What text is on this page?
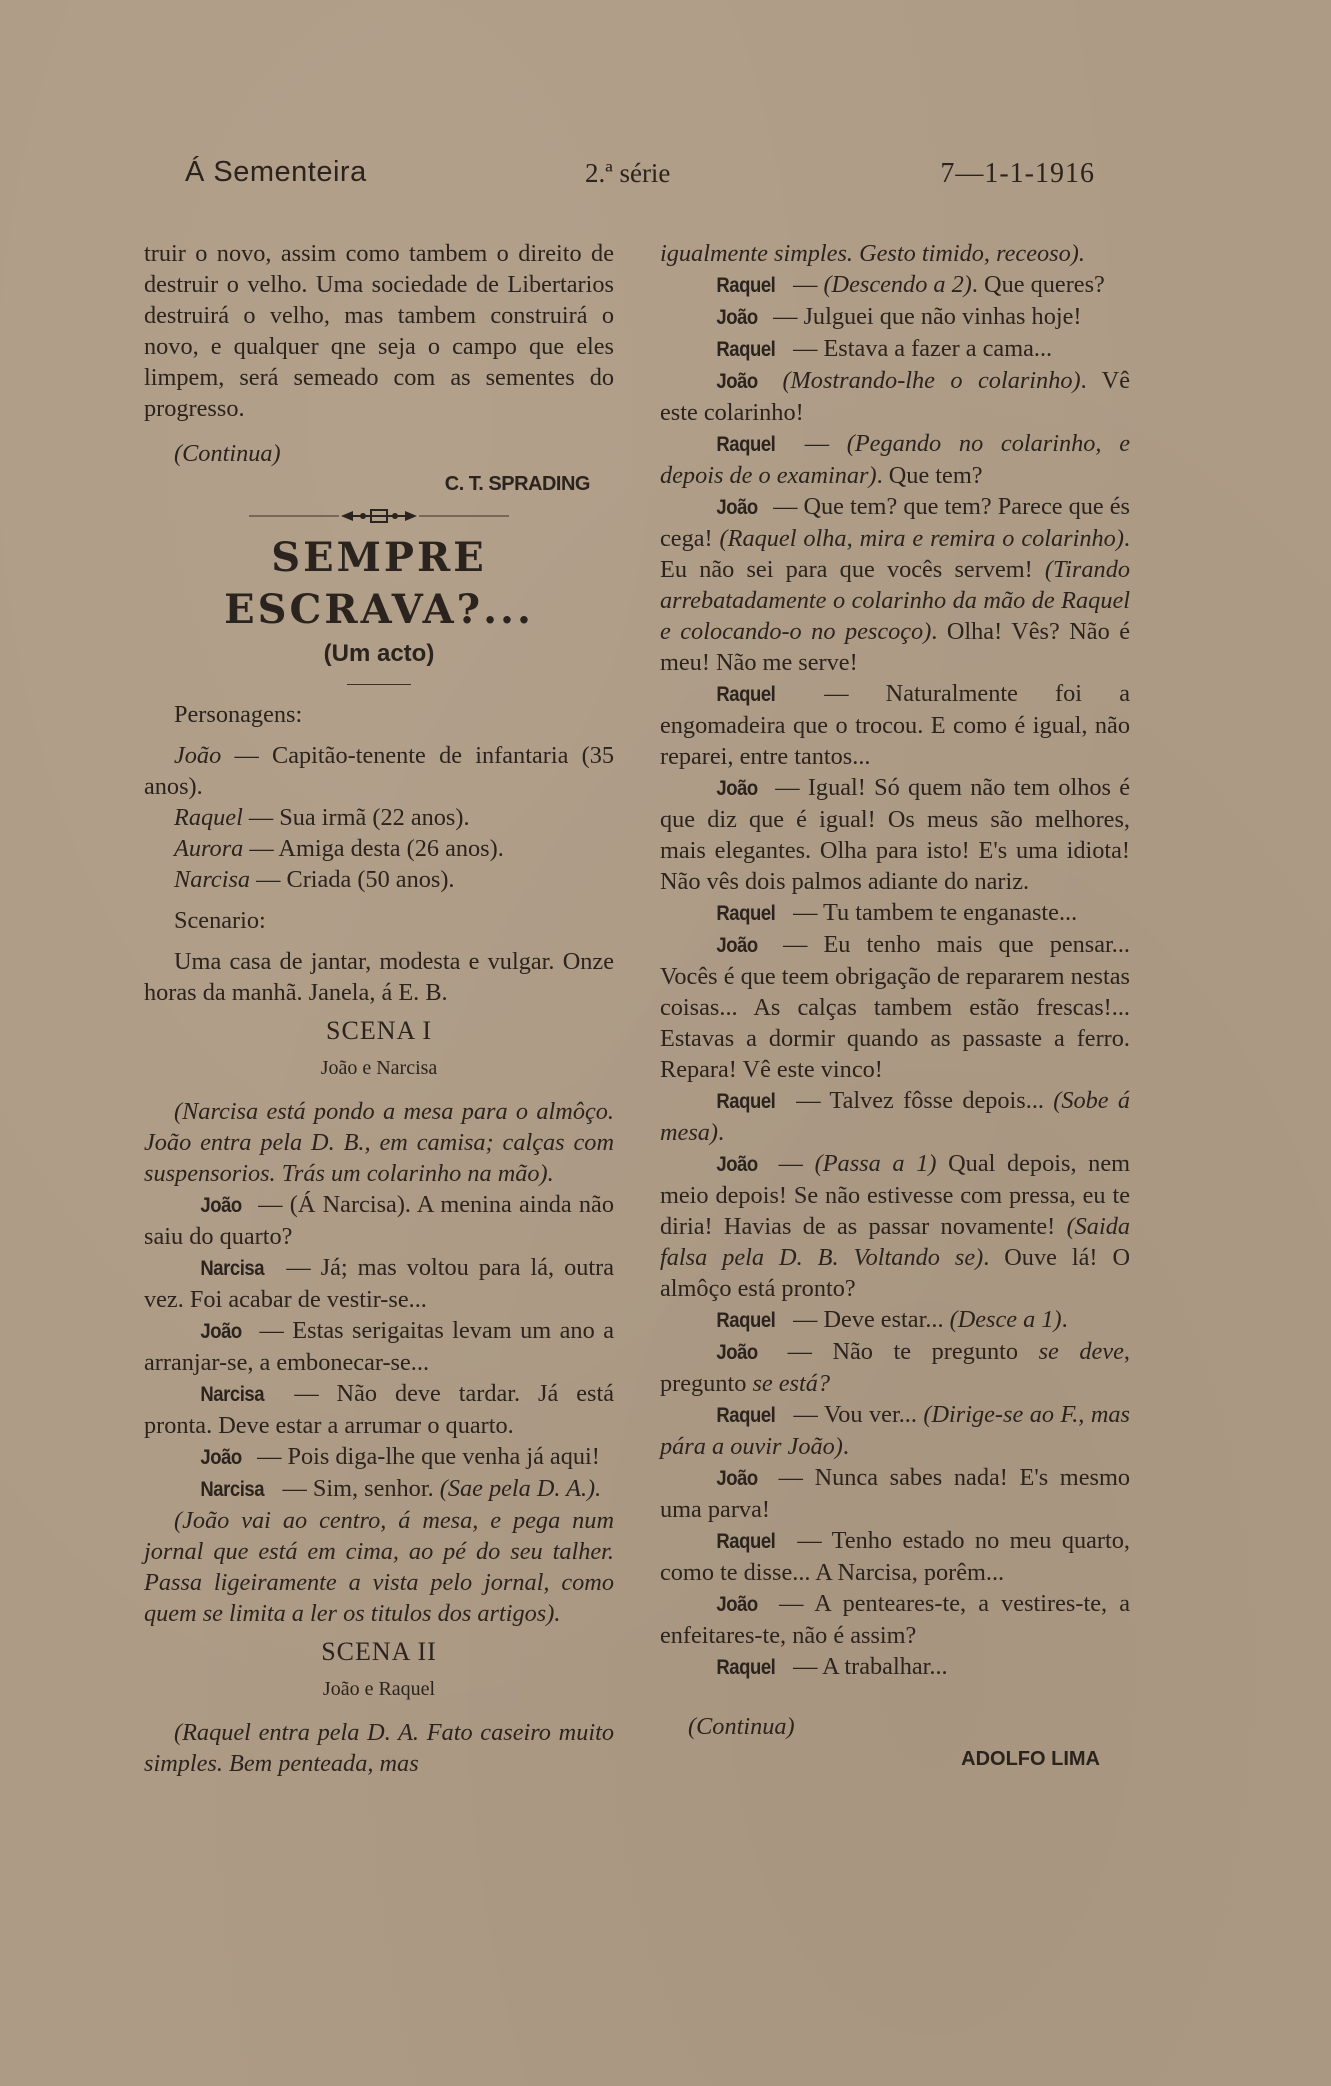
Á Sementeira	2.ª série	7—1-1-1916

truir o novo, assim como tambem o direito de destruir o velho. Uma sociedade de Libertarios destruirá o velho, mas tambem construirá o novo, e qualquer qne seja o campo que eles limpem, será semeado com as sementes do progresso.

(Continua)

C. T. SPRADING

SEMPRE ESCRAVA?...

(Um acto)

Personagens:

João — Capitão-tenente de infantaria (35 anos).

Raquel — Sua irmã (22 anos).

Aurora — Amiga desta (26 anos).

Narcisa — Criada (50 anos).

Scenario:

Uma casa de jantar, modesta e vulgar. Onze horas da manhã. Janela, á E. B.

SCENA I

João e Narcisa

(Narcisa está pondo a mesa para o almôço. João entra pela D. B., em camisa; calças com suspensorios. Trás um colarinho na mão).

João — (Á Narcisa). A menina ainda não saiu do quarto?

Narcisa — Já; mas voltou para lá, outra vez. Foi acabar de vestir-se...

João — Estas serigaitas levam um ano a arranjar-se, a embonecar-se...

Narcisa — Não deve tardar. Já está pronta. Deve estar a arrumar o quarto.

João — Pois diga-lhe que venha já aqui!

Narcisa — Sim, senhor. (Sae pela D. A.).

(João vai ao centro, á mesa, e pega num jornal que está em cima, ao pé do seu talher. Passa ligeiramente a vista pelo jornal, como quem se limita a ler os titulos dos artigos).

SCENA II

João e Raquel

(Raquel entra pela D. A. Fato caseiro muito simples. Bem penteada, mas

igualmente simples. Gesto timido, receoso).

Raquel — (Descendo a 2). Que queres?

João — Julguei que não vinhas hoje!

Raquel — Estava a fazer a cama...

João (Mostrando-lhe o colarinho). Vê este colarinho!

Raquel — (Pegando no colarinho, e depois de o examinar). Que tem?

João — Que tem? que tem? Parece que és cega! (Raquel olha, mira e remira o colarinho). Eu não sei para que vocês servem! (Tirando arrebatadamente o colarinho da mão de Raquel e colocando-o no pescoço). Olha! Vês? Não é meu! Não me serve!

Raquel — Naturalmente foi a engomadeira que o trocou. E como é igual, não reparei, entre tantos...

João — Igual! Só quem não tem olhos é que diz que é igual! Os meus são melhores, mais elegantes. Olha para isto! E's uma idiota! Não vês dois palmos adiante do nariz.

Raquel — Tu tambem te enganaste...

João — Eu tenho mais que pensar... Vocês é que teem obrigação de repararem nestas coisas... As calças tambem estão frescas!... Estavas a dormir quando as passaste a ferro. Repara! Vê este vinco!

Raquel — Talvez fôsse depois... (Sobe á mesa).

João — (Passa a 1) Qual depois, nem meio depois! Se não estivesse com pressa, eu te diria! Havias de as passar novamente! (Saida falsa pela D. B. Voltando se). Ouve lá! O almôço está pronto?

Raquel — Deve estar... (Desce a 1).

João — Não te pregunto se deve, pregunto se está?

Raquel — Vou ver... (Dirige-se ao F., mas pára a ouvir João).

João — Nunca sabes nada! E's mesmo uma parva!

Raquel — Tenho estado no meu quarto, como te disse... A Narcisa, porêm...

João — A penteares-te, a vestires-te, a enfeitares-te, não é assim?

Raquel — A trabalhar...

(Continua)

ADOLFO LIMA
